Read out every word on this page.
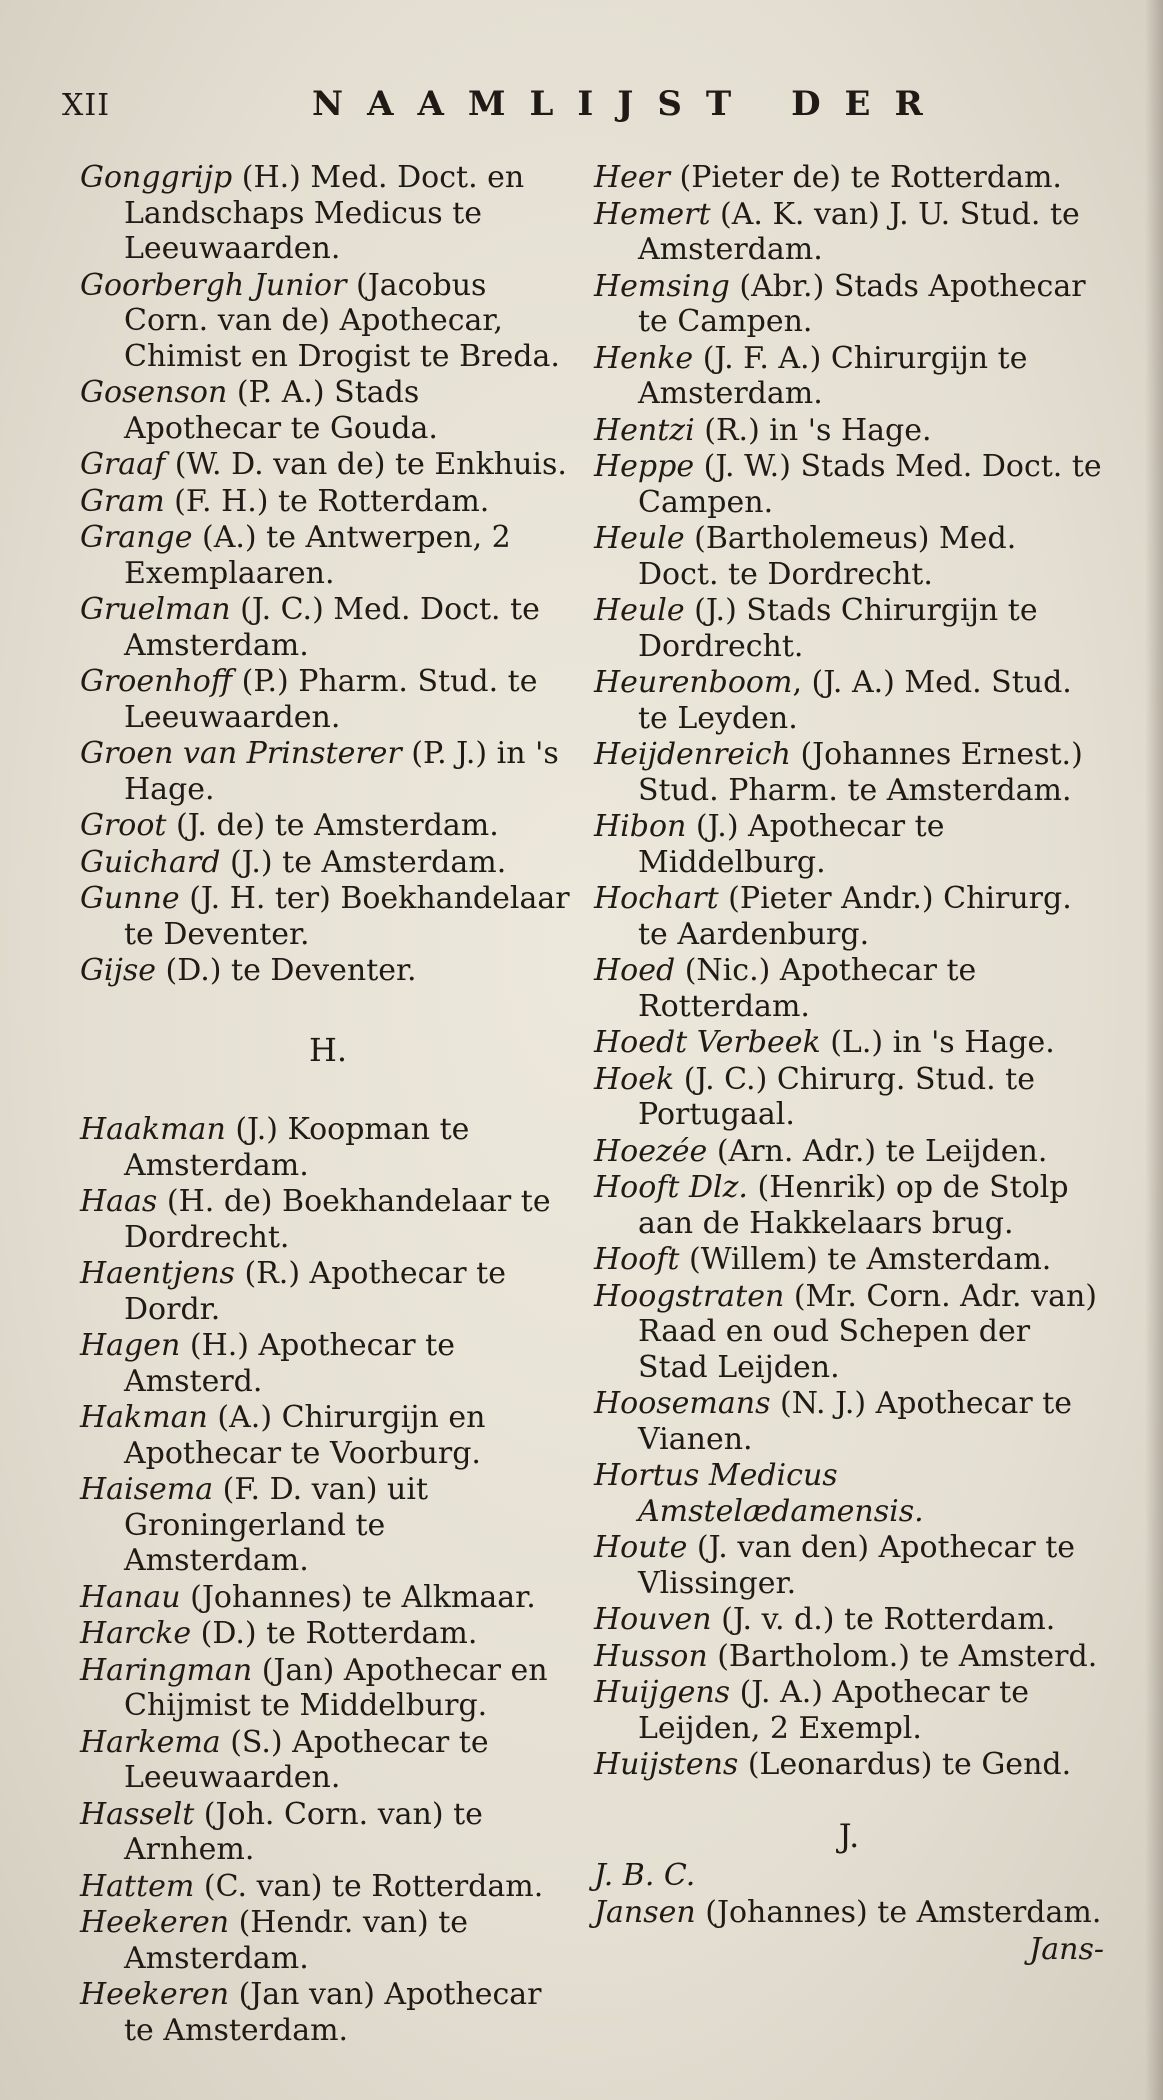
XII	NAAMLIJST DER
Gonggrijp (H.) Med. Doct. en Landschaps Medicus te Leeuwaarden.
Goorbergh Junior (Jacobus Corn. van de) Apothecar, Chimist en Drogist te Breda.
Gosenson (P. A.) Stads Apothecar te Gouda.
Graaf (W. D. van de) te Enkhuis.
Gram (F. H.) te Rotterdam.
Grange (A.) te Antwerpen, 2 Exemplaaren.
Gruelman (J. C.) Med. Doct. te Amsterdam.
Groenhoff (P.) Pharm. Stud. te Leeuwaarden.
Groen van Prinsterer (P. J.) in 's Hage.
Groot (J. de) te Amsterdam.
Guichard (J.) te Amsterdam.
Gunne (J. H. ter) Boekhandelaar te Deventer.
Gijse (D.) te Deventer.
H.
Haakman (J.) Koopman te Amsterdam.
Haas (H. de) Boekhandelaar te Dordrecht.
Haentjens (R.) Apothecar te Dordr.
Hagen (H.) Apothecar te Amsterd.
Hakman (A.) Chirurgijn en Apothecar te Voorburg.
Haisema (F. D. van) uit Groningerland te Amsterdam.
Hanau (Johannes) te Alkmaar.
Harcke (D.) te Rotterdam.
Haringman (Jan) Apothecar en Chijmist te Middelburg.
Harkema (S.) Apothecar te Leeuwaarden.
Hasselt (Joh. Corn. van) te Arnhem.
Hattem (C. van) te Rotterdam.
Heekeren (Hendr. van) te Amsterdam.
Heekeren (Jan van) Apothecar te Amsterdam.
Heer (Pieter de) te Rotterdam.
Hemert (A. K. van) J. U. Stud. te Amsterdam.
Hemsing (Abr.) Stads Apothecar te Campen.
Henke (J. F. A.) Chirurgijn te Amsterdam.
Hentzi (R.) in 's Hage.
Heppe (J. W.) Stads Med. Doct. te Campen.
Heule (Bartholemeus) Med. Doct. te Dordrecht.
Heule (J.) Stads Chirurgijn te Dordrecht.
Heurenboom, (J. A.) Med. Stud. te Leyden.
Heijdenreich (Johannes Ernest.) Stud. Pharm. te Amsterdam.
Hibon (J.) Apothecar te Middelburg.
Hochart (Pieter Andr.) Chirurg. te Aardenburg.
Hoed (Nic.) Apothecar te Rotterdam.
Hoedt Verbeek (L.) in 's Hage.
Hoek (J. C.) Chirurg. Stud. te Portugaal.
Hoezée (Arn. Adr.) te Leijden.
Hooft Dlz. (Henrik) op de Stolp aan de Hakkelaars brug.
Hooft (Willem) te Amsterdam.
Hoogstraten (Mr. Corn. Adr. van) Raad en oud Schepen der Stad Leijden.
Hoosemans (N. J.) Apothecar te Vianen.
Hortus Medicus Amstelædamensis.
Houte (J. van den) Apothecar te Vlissinger.
Houven (J. v. d.) te Rotterdam.
Husson (Bartholom.) te Amsterd.
Huijgens (J. A.) Apothecar te Leijden, 2 Exempl.
Huijstens (Leonardus) te Gend.
J.
J. B. C.
Jansen (Johannes) te Amsterdam.
Jans-
